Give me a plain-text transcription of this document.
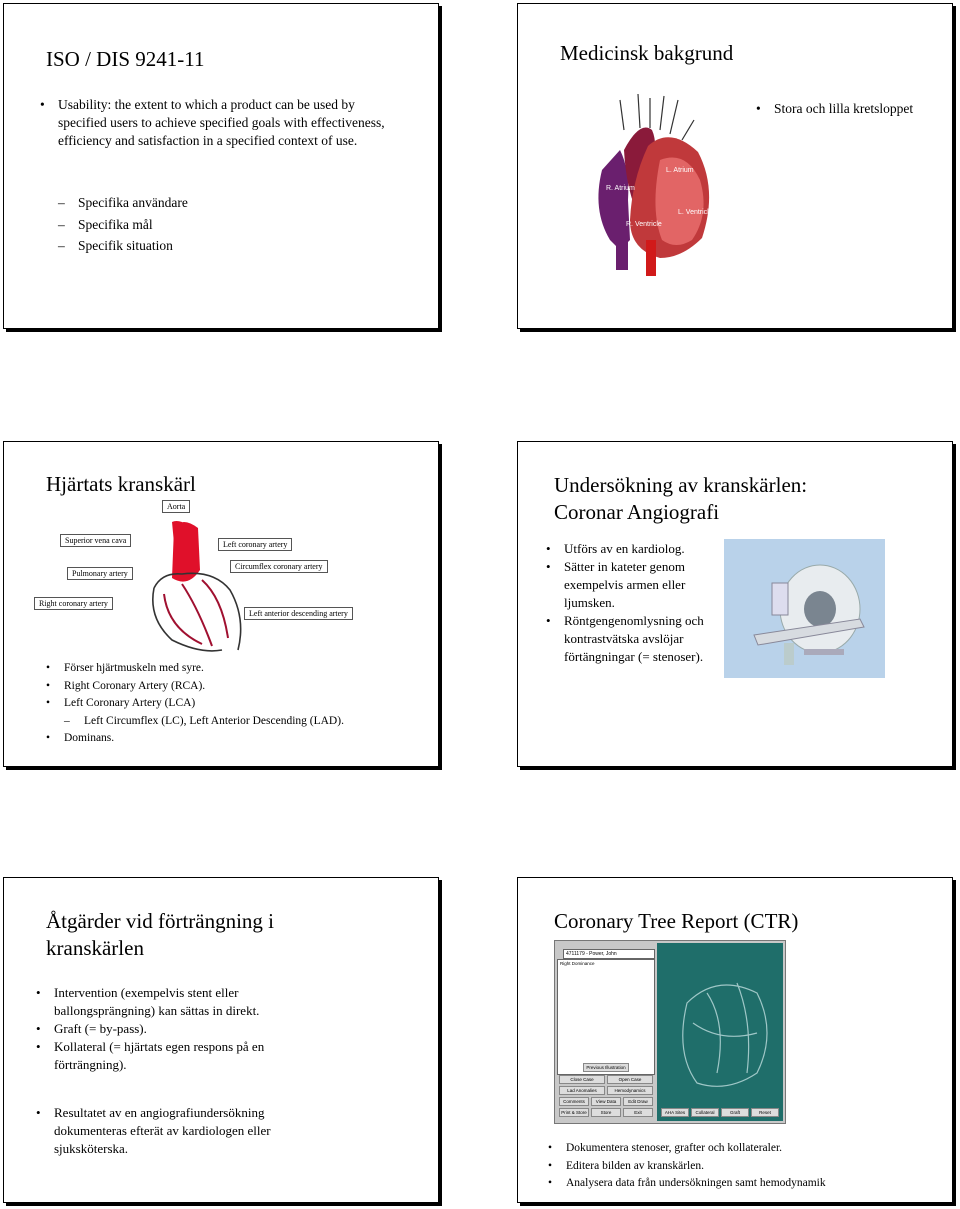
ISO / DIS 9241-11
• Usability: the extent to which a product can be used by specified users to achieve specified goals with effectiveness, efficiency and satisfaction in a specified context of use.
– Specifika användare
– Specifika mål
– Specifik situation
Medicinsk bakgrund
R. Atrium
L. Atrium
L. Ventricle
R. Ventricle
• Stora och lilla kretsloppet
Hjärtats kranskärl
Aorta
Superior vena cava
Pulmonary artery
Right coronary artery
Left coronary artery
Circumflex coronary artery
Left anterior descending artery
• Förser hjärtmuskeln med syre.
• Right Coronary Artery (RCA).
• Left Coronary Artery (LCA)
– Left Circumflex (LC), Left Anterior Descending (LAD).
• Dominans.
Undersökning av kranskärlen:
Coronar Angiografi
• Utförs av en kardiolog.
• Sätter in kateter genom exempelvis armen eller ljumsken.
• Röntgengenomlysning och kontrastvätska avslöjar förtängningar (= stenoser).
Åtgärder vid förträngning i kranskärlen
• Intervention (exempelvis stent eller ballongsprängning) kan sättas in direkt.
• Graft (= by-pass).
• Kollateral (= hjärtats egen respons på en förträngning).
• Resultatet av en angiografiundersökning dokumenteras efterät av kardiologen eller sjuksköterska.
Coronary Tree Report (CTR)
4711179 - Power, John
Right Dominance
Previous Illustration
Close Case	Open Case
Lad Anomalies	Hemodynamics
Comments	View Data	Edit Draw
Print & Store	Store	Exit	AHA Sites	Collateral	Graft	Reset
• Dokumentera stenoser, grafter och kollateraler.
• Editera bilden av kranskärlen.
• Analysera data från undersökningen samt hemodynamik
